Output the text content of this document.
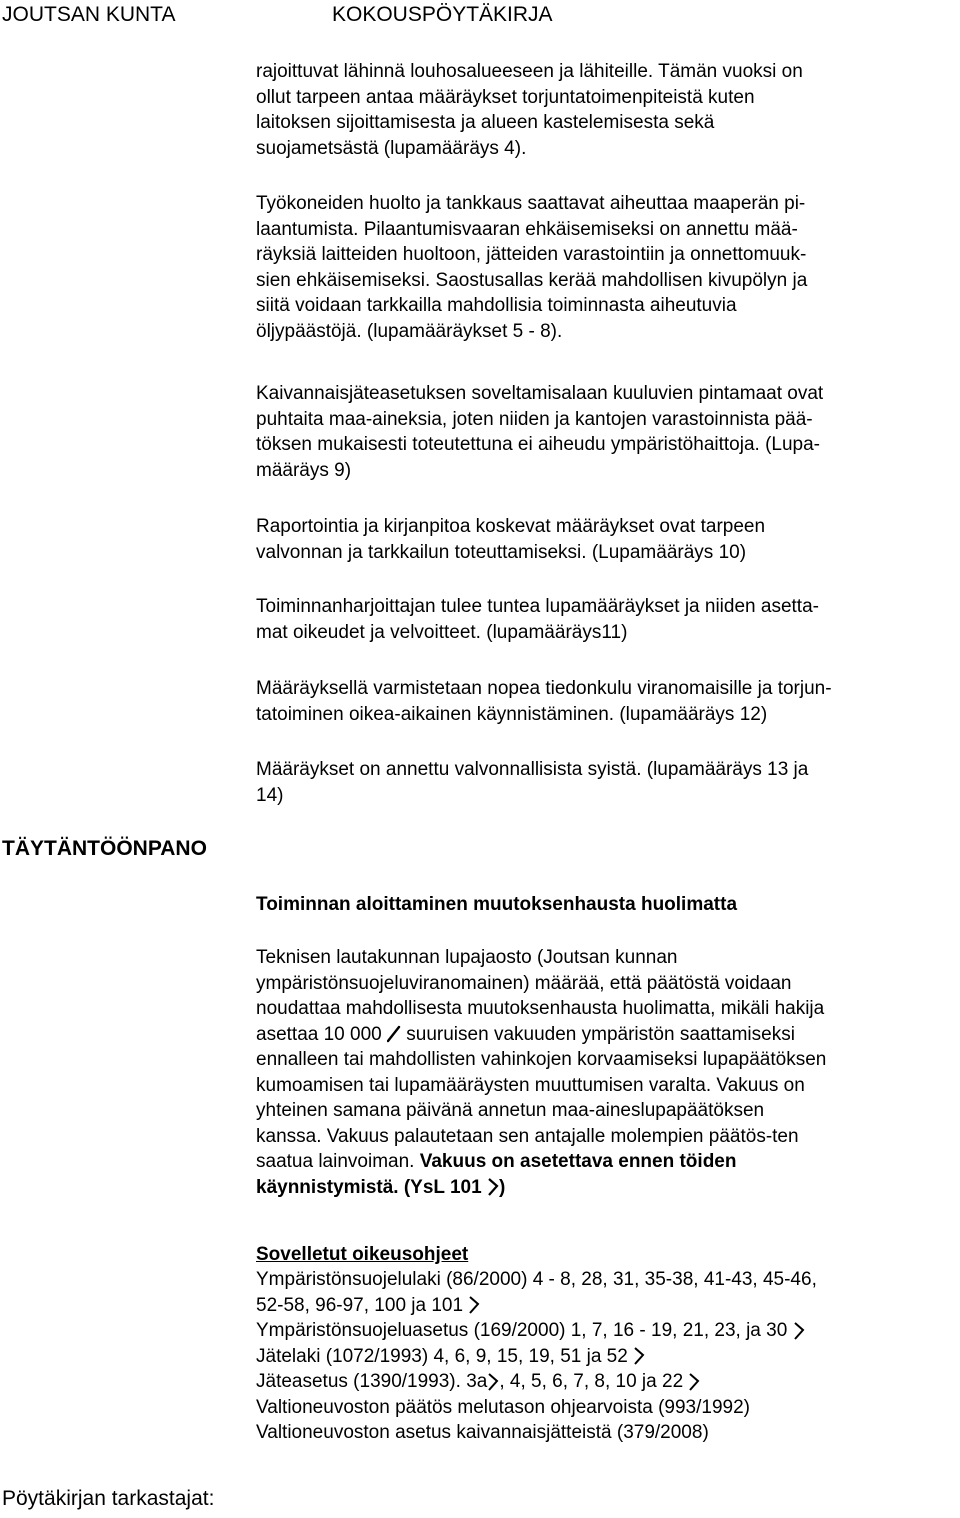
JOUTSAN KUNTA	KOKOUSPÖYTÄKIRJA
TÄYTÄNTÖÖNPANO
Pöytäkirjan tarkastajat:
rajoittuvat lähinnä louhosalueeseen ja lähiteille. Tämän vuoksi on
ollut tarpeen antaa määräykset torjuntatoimenpiteistä kuten
laitoksen sijoittamisesta ja alueen kastelemisesta sekä
suojametsästä (lupamääräys 4).
Työkoneiden huolto ja tankkaus saattavat aiheuttaa maaperän pi-
laantumista. Pilaantumisvaaran ehkäisemiseksi on annettu mää-
räyksiä laitteiden huoltoon, jätteiden varastointiin ja onnettomuuk-
sien ehkäisemiseksi. Saostusallas kerää mahdollisen kivupölyn ja
siitä voidaan tarkkailla mahdollisia toiminnasta aiheutuvia
öljypäästöjä. (lupamääräykset 5 - 8).
Kaivannaisjäteasetuksen soveltamisalaan kuuluvien pintamaat ovat
puhtaita maa-aineksia, joten niiden ja kantojen varastoinnista pää-
töksen mukaisesti toteutettuna ei aiheudu ympäristöhaittoja. (Lupa-
määräys 9)
Raportointia ja kirjanpitoa koskevat määräykset ovat tarpeen
valvonnan ja tarkkailun toteuttamiseksi. (Lupamääräys 10)
Toiminnanharjoittajan tulee tuntea lupamääräykset ja niiden asetta-
mat oikeudet ja velvoitteet. (lupamääräys11)
Määräyksellä varmistetaan nopea tiedonkulu viranomaisille ja torjun-
tatoiminen oikea-aikainen käynnistäminen. (lupamääräys 12)
Määräykset on annettu valvonnallisista syistä. (lupamääräys 13 ja
14)
Toiminnan aloittaminen muutoksenhausta huolimatta
Teknisen lautakunnan lupajaosto (Joutsan kunnan
ympäristönsuojeluviranomainen) määrää, että päätöstä voidaan
noudattaa mahdollisesta muutoksenhausta huolimatta, mikäli hakija
asettaa 10 000 suuruisen vakuuden ympäristön saattamiseksi
ennalleen tai mahdollisten vahinkojen korvaamiseksi lupapäätöksen
kumoamisen tai lupamääräysten muuttumisen varalta. Vakuus on
yhteinen samana päivänä annetun maa-aineslupapäätöksen
kanssa. Vakuus palautetaan sen antajalle molempien päätös-ten
saatua lainvoiman. Vakuus on asetettava ennen töiden
käynnistymistä. (YsL 101 )
Sovelletut oikeusohjeet
Ympäristönsuojelulaki (86/2000) 4 - 8, 28, 31, 35-38, 41-43, 45-46,
52-58, 96-97, 100 ja 101
Ympäristönsuojeluasetus (169/2000) 1, 7, 16 - 19, 21, 23, ja 30
Jätelaki (1072/1993) 4, 6, 9, 15, 19, 51 ja 52
Jäteasetus (1390/1993). 3a , 4, 5, 6, 7, 8, 10 ja 22
Valtioneuvoston päätös melutason ohjearvoista (993/1992)
Valtioneuvoston asetus kaivannaisjätteistä (379/2008)
